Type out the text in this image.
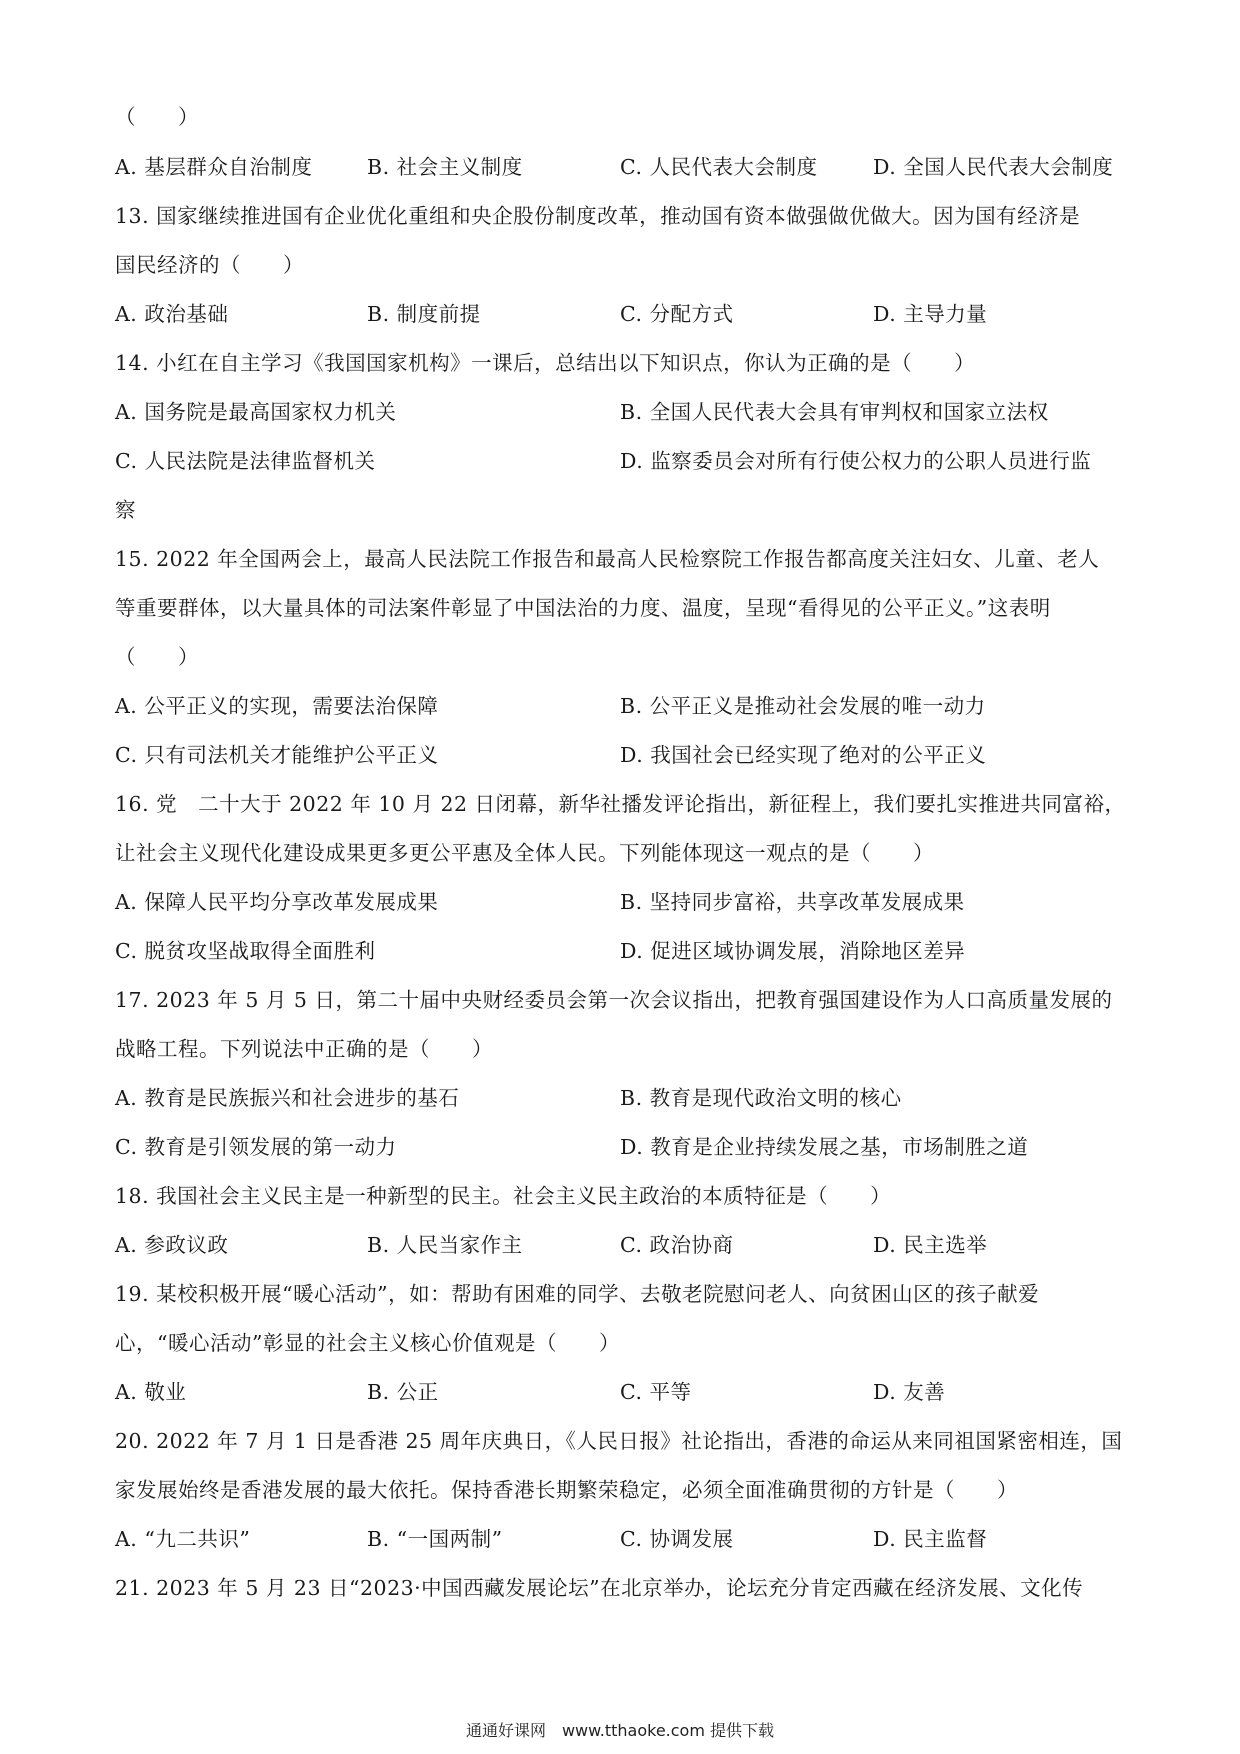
（　　）
A. 基层群众自治制度	B. 社会主义制度	C. 人民代表大会制度	D. 全国人民代表大会制度
13. 国家继续推进国有企业优化重组和央企股份制度改革，推动国有资本做强做优做大。因为国有经济是
国民经济的（　　）
A. 政治基础	B. 制度前提	C. 分配方式	D. 主导力量
14. 小红在自主学习《我国国家机构》一课后，总结出以下知识点，你认为正确的是（　　）
A. 国务院是最高国家权力机关	B. 全国人民代表大会具有审判权和国家立法权
C. 人民法院是法律监督机关	D. 监察委员会对所有行使公权力的公职人员进行监
察
15. 2022 年全国两会上，最高人民法院工作报告和最高人民检察院工作报告都高度关注妇女、儿童、老人
等重要群体，以大量具体的司法案件彰显了中国法治的力度、温度，呈现“看得见的公平正义。”这表明
（　　）
A. 公平正义的实现，需要法治保障	B. 公平正义是推动社会发展的唯一动力
C. 只有司法机关才能维护公平正义	D. 我国社会已经实现了绝对的公平正义
16. 党　二十大于 2022 年 10 月 22 日闭幕，新华社播发评论指出，新征程上，我们要扎实推进共同富裕，
让社会主义现代化建设成果更多更公平惠及全体人民。下列能体现这一观点的是（　　）
A. 保障人民平均分享改革发展成果	B. 坚持同步富裕，共享改革发展成果
C. 脱贫攻坚战取得全面胜利	D. 促进区域协调发展，消除地区差异
17. 2023 年 5 月 5 日，第二十届中央财经委员会第一次会议指出，把教育强国建设作为人口高质量发展的
战略工程。下列说法中正确的是（　　）
A. 教育是民族振兴和社会进步的基石	B. 教育是现代政治文明的核心
C. 教育是引领发展的第一动力	D. 教育是企业持续发展之基，市场制胜之道
18. 我国社会主义民主是一种新型的民主。社会主义民主政治的本质特征是（　　）
A. 参政议政	B. 人民当家作主	C. 政治协商	D. 民主选举
19. 某校积极开展“暖心活动”，如：帮助有困难的同学、去敬老院慰问老人、向贫困山区的孩子献爱
心，“暖心活动”彰显的社会主义核心价值观是（　　）
A. 敬业	B. 公正	C. 平等	D. 友善
20. 2022 年 7 月 1 日是香港 25 周年庆典日，《人民日报》社论指出，香港的命运从来同祖国紧密相连，国
家发展始终是香港发展的最大依托。保持香港长期繁荣稳定，必须全面准确贯彻的方针是（　　）
A. “九二共识”	B. “一国两制”	C. 协调发展	D. 民主监督
21. 2023 年 5 月 23 日“2023·中国西藏发展论坛”在北京举办，论坛充分肯定西藏在经济发展、文化传
通通好课网　www.tthaoke.com 提供下载
